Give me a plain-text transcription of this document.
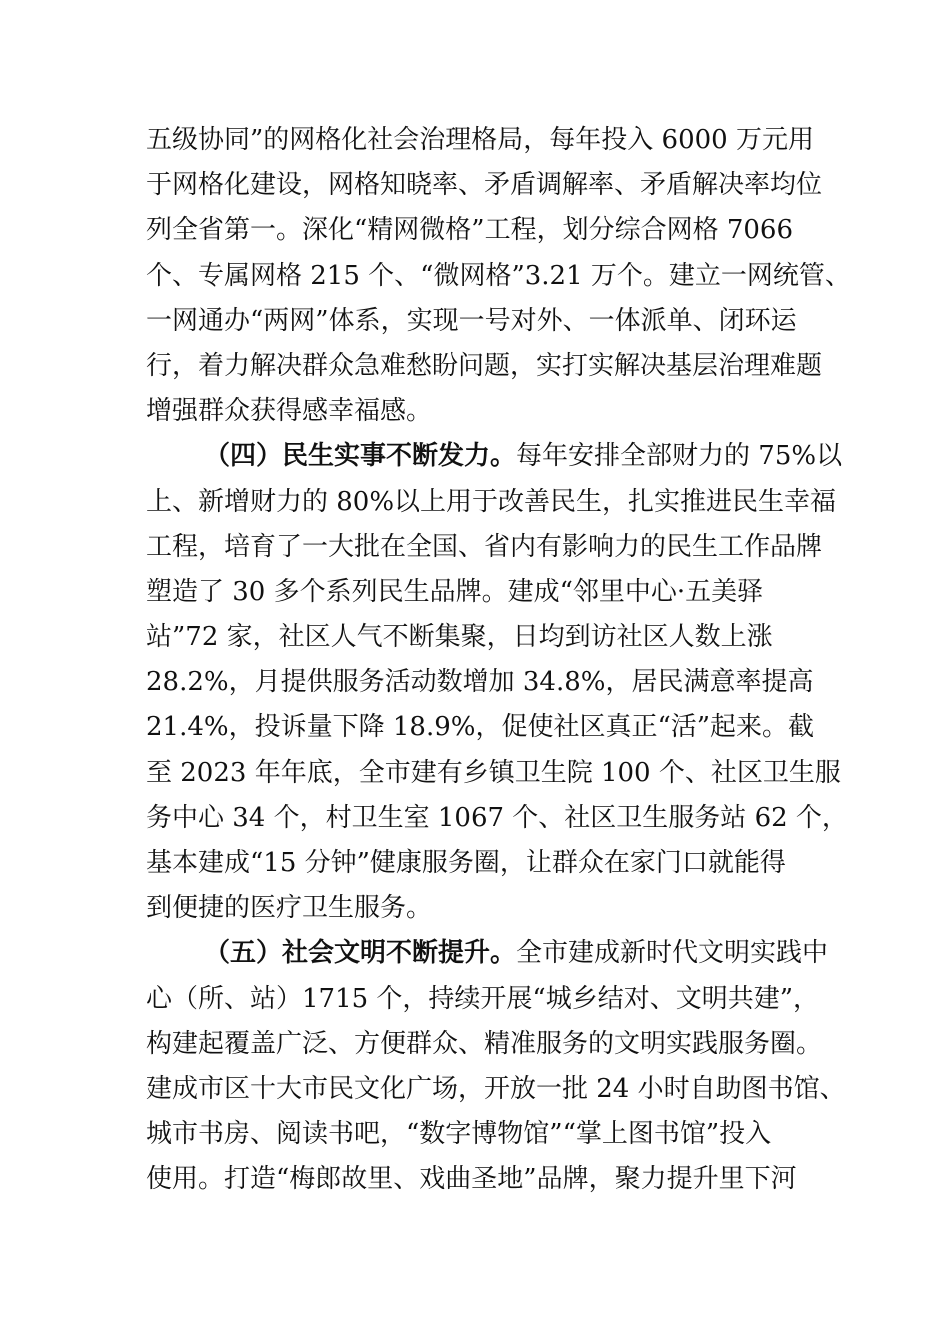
五级协同”的网格化社会治理格局，每年投入 6000 万元用
于网格化建设，网格知晓率、矛盾调解率、矛盾解决率均位
列全省第一。深化“精网微格”工程，划分综合网格 7066
个、专属网格 215 个、“微网格”3.21 万个。建立一网统管、
一网通办“两网”体系，实现一号对外、一体派单、闭环运
行，着力解决群众急难愁盼问题，实打实解决基层治理难题
增强群众获得感幸福感。
（四）民生实事不断发力。每年安排全部财力的 75%以
上、新增财力的 80%以上用于改善民生，扎实推进民生幸福
工程，培育了一大批在全国、省内有影响力的民生工作品牌
塑造了 30 多个系列民生品牌。建成“邻里中心·五美驿
站”72 家，社区人气不断集聚，日均到访社区人数上涨
28.2%，月提供服务活动数增加 34.8%，居民满意率提高
21.4%，投诉量下降 18.9%，促使社区真正“活”起来。截
至 2023 年年底，全市建有乡镇卫生院 100 个、社区卫生服
务中心 34 个，村卫生室 1067 个、社区卫生服务站 62 个，
基本建成“15 分钟”健康服务圈，让群众在家门口就能得
到便捷的医疗卫生服务。
（五）社会文明不断提升。全市建成新时代文明实践中
心（所、站）1715 个，持续开展“城乡结对、文明共建”，
构建起覆盖广泛、方便群众、精准服务的文明实践服务圈。
建成市区十大市民文化广场，开放一批 24 小时自助图书馆、
城市书房、阅读书吧，“数字博物馆”“掌上图书馆”投入
使用。打造“梅郎故里、戏曲圣地”品牌，聚力提升里下河
